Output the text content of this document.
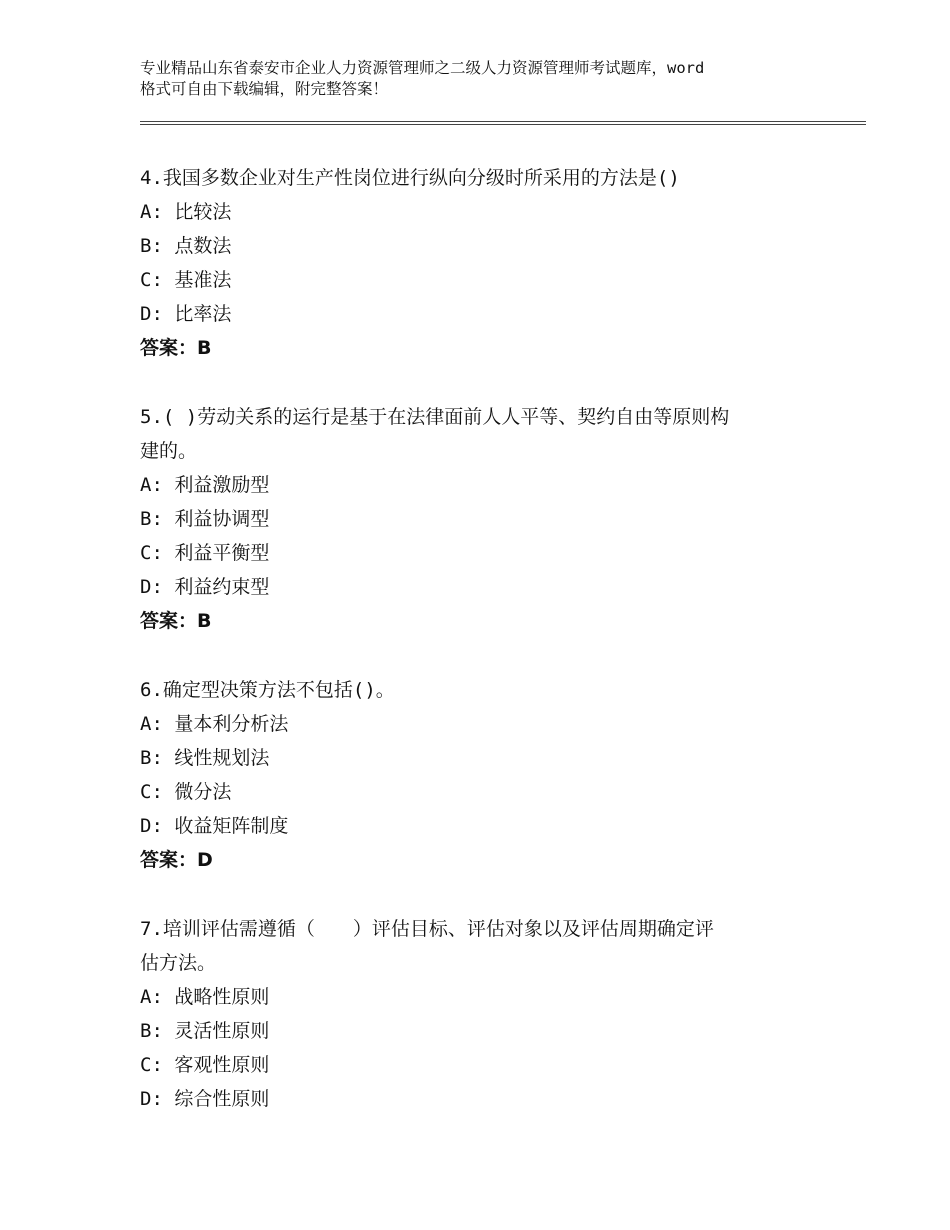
专业精品山东省泰安市企业人力资源管理师之二级人力资源管理师考试题库，word
格式可自由下载编辑，附完整答案！
4.我国多数企业对生产性岗位进行纵向分级时所采用的方法是()
A: 比较法
B: 点数法
C: 基准法
D: 比率法
答案：B
5.( )劳动关系的运行是基于在法律面前人人平等、契约自由等原则构
建的。
A: 利益激励型
B: 利益协调型
C: 利益平衡型
D: 利益约束型
答案：B
6.确定型决策方法不包括()。
A: 量本利分析法
B: 线性规划法
C: 微分法
D: 收益矩阵制度
答案：D
7.培训评估需遵循（　　）评估目标、评估对象以及评估周期确定评
估方法。
A: 战略性原则
B: 灵活性原则
C: 客观性原则
D: 综合性原则
